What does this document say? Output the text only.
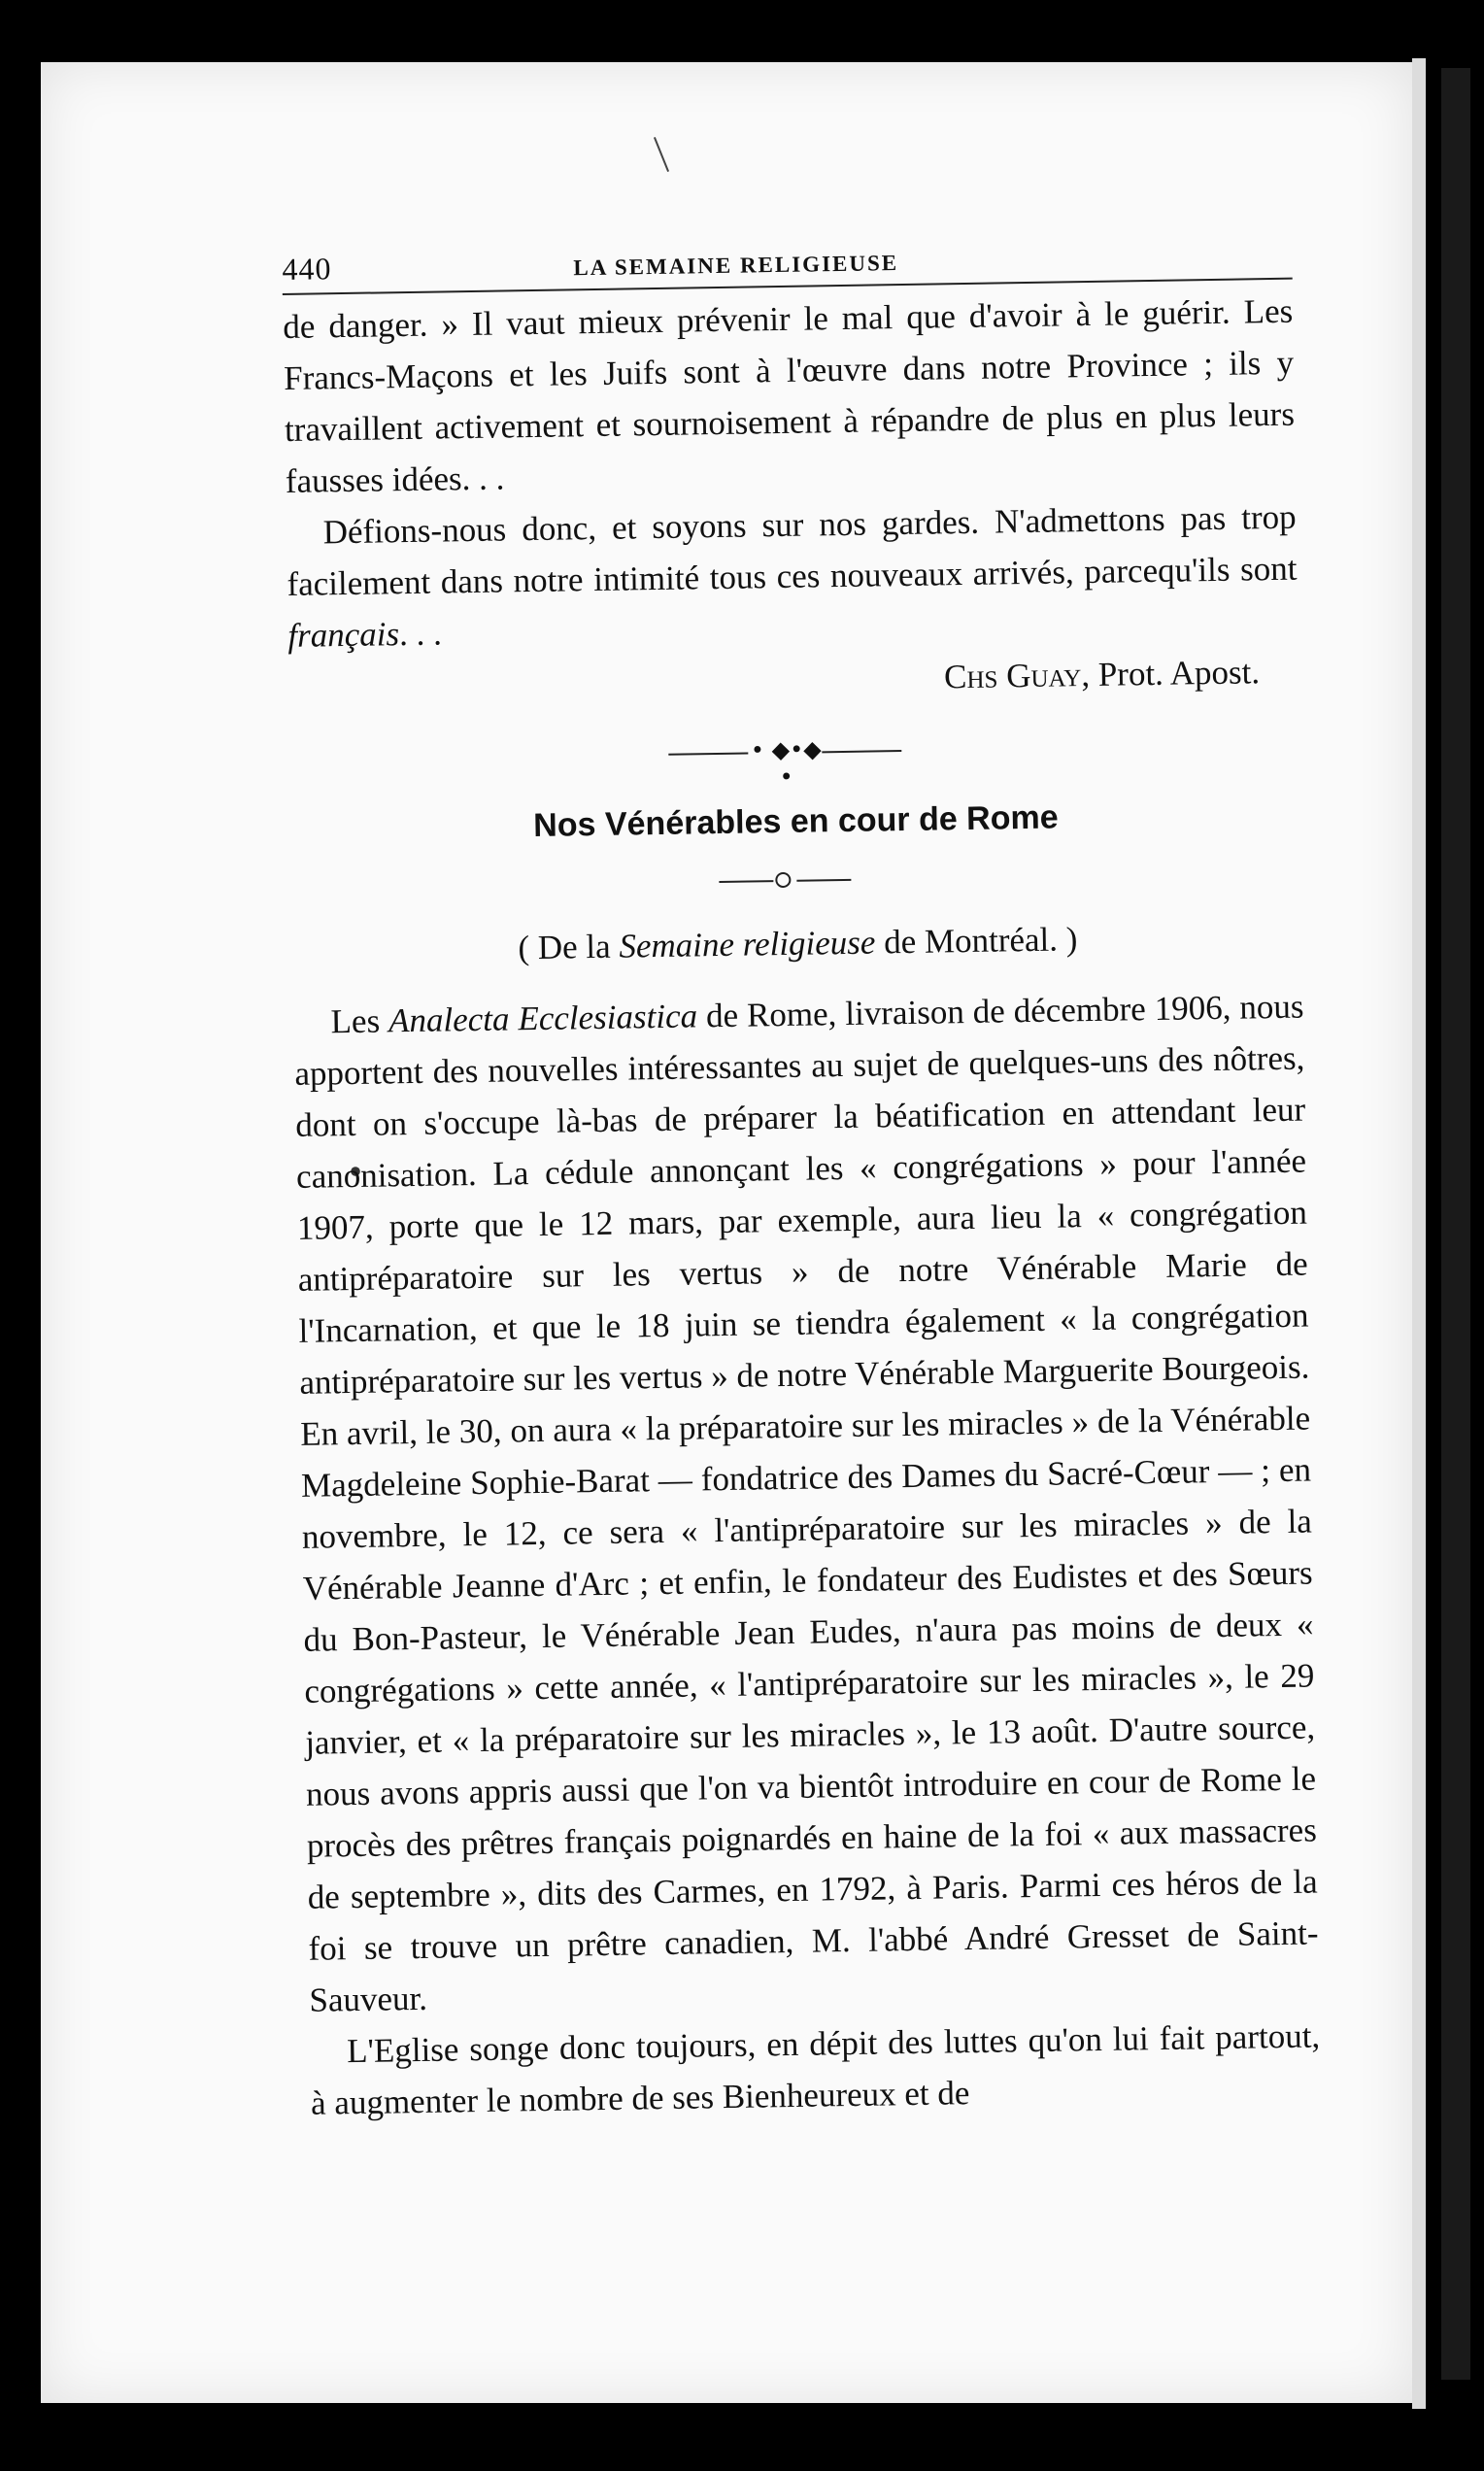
440	LA SEMAINE RELIGIEUSE

de danger. » Il vaut mieux prévenir le mal que d'avoir à le guérir. Les Francs-Maçons et les Juifs sont à l'œuvre dans notre Province ; ils y travaillent activement et sournoisement à répandre de plus en plus leurs fausses idées. . .

Défions-nous donc, et soyons sur nos gardes. N'admettons pas trop facilement dans notre intimité tous ces nouveaux arrivés, parcequ'ils sont français. . .

Chs Guay, Prot. Apost.
• ◆•◆ •
Nos Vénérables en cour de Rome
( De la Semaine religieuse de Montréal. )

Les Analecta Ecclesiastica de Rome, livraison de décembre 1906, nous apportent des nouvelles intéressantes au sujet de quelques-uns des nôtres, dont on s'occupe là-bas de préparer la béatification en attendant leur canonisation. La cédule annonçant les « congrégations » pour l'année 1907, porte que le 12 mars, par exemple, aura lieu la « congrégation antipréparatoire sur les vertus » de notre Vénérable Marie de l'Incarnation, et que le 18 juin se tiendra également « la congrégation antipréparatoire sur les vertus » de notre Vénérable Marguerite Bourgeois. En avril, le 30, on aura « la préparatoire sur les miracles » de la Vénérable Magdeleine Sophie-Barat — fondatrice des Dames du Sacré-Cœur — ; en novembre, le 12, ce sera « l'antipréparatoire sur les miracles » de la Vénérable Jeanne d'Arc ; et enfin, le fondateur des Eudistes et des Sœurs du Bon-Pasteur, le Vénérable Jean Eudes, n'aura pas moins de deux « congrégations » cette année, « l'antipréparatoire sur les miracles », le 29 janvier, et « la préparatoire sur les miracles », le 13 août. D'autre source, nous avons appris aussi que l'on va bientôt introduire en cour de Rome le procès des prêtres français poignardés en haine de la foi « aux massacres de septembre », dits des Carmes, en 1792, à Paris. Parmi ces héros de la foi se trouve un prêtre canadien, M. l'abbé André Gresset de Saint-Sauveur.

L'Eglise songe donc toujours, en dépit des luttes qu'on lui fait partout, à augmenter le nombre de ses Bienheureux et de
